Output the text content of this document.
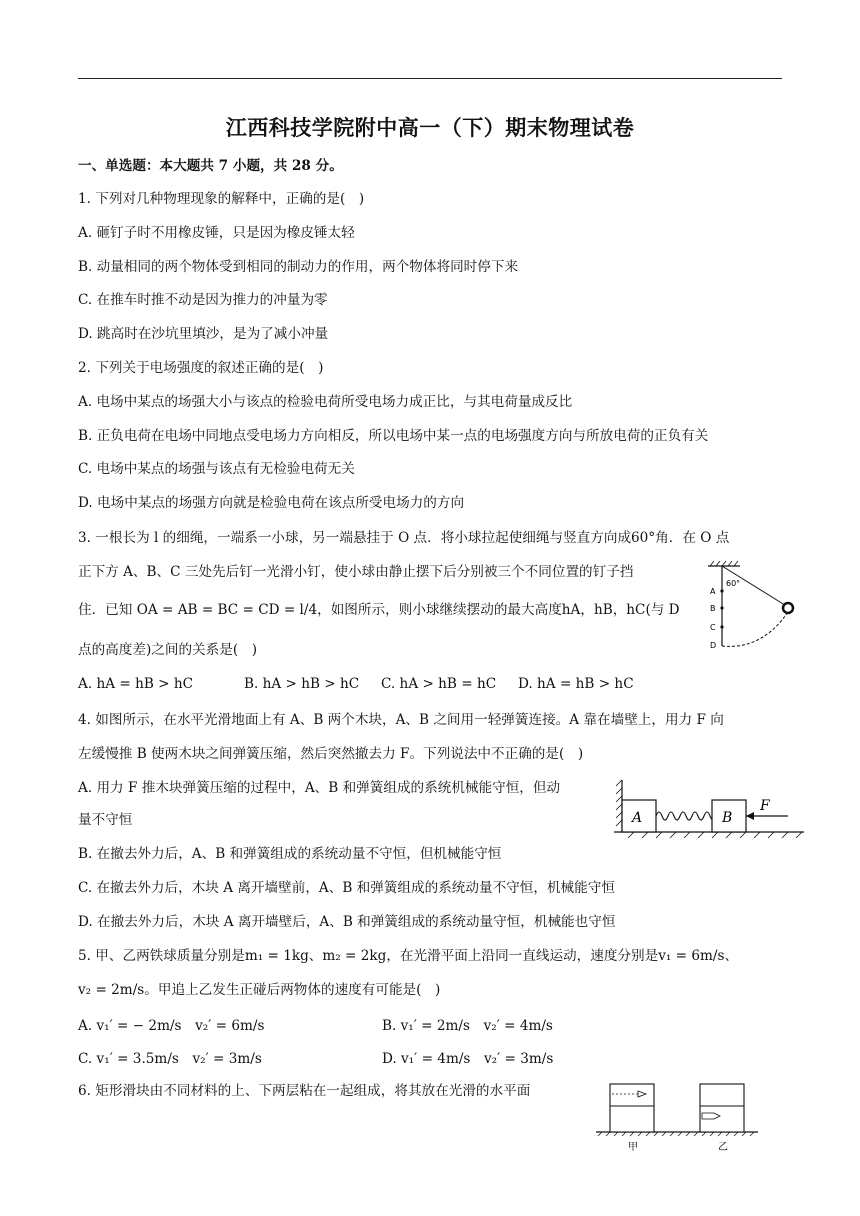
江西科技学院附中高一（下）期末物理试卷
一、单选题：本大题共 7 小题，共 28 分。
1. 下列对几种物理现象的解释中，正确的是(　)
A. 砸钉子时不用橡皮锤，只是因为橡皮锤太轻
B. 动量相同的两个物体受到相同的制动力的作用，两个物体将同时停下来
C. 在推车时推不动是因为推力的冲量为零
D. 跳高时在沙坑里填沙，是为了减小冲量
2. 下列关于电场强度的叙述正确的是(　)
A. 电场中某点的场强大小与该点的检验电荷所受电场力成正比，与其电荷量成反比
B. 正负电荷在电场中同地点受电场力方向相反，所以电场中某一点的电场强度方向与所放电荷的正负有关
C. 电场中某点的场强与该点有无检验电荷无关
D. 电场中某点的场强方向就是检验电荷在该点所受电场力的方向
3. 一根长为 l 的细绳，一端系一小球，另一端悬挂于 O 点．将小球拉起使细绳与竖直方向成60°角．在 O 点
正下方 A、B、C 三处先后钉一光滑小钉，使小球由静止摆下后分别被三个不同位置的钉子挡
住．已知 OA = AB = BC = CD = l/4，如图所示，则小球继续摆动的最大高度hA，hB，hC(与 D
点的高度差)之间的关系是(　)
A. hA = hB > hC	B. hA > hB > hC C. hA > hB = hC D. hA = hB > hC
60°
A
B
C
D
4. 如图所示，在水平光滑地面上有 A、B 两个木块，A、B 之间用一轻弹簧连接。A 靠在墙壁上，用力 F 向
左缓慢推 B 使两木块之间弹簧压缩，然后突然撤去力 F。下列说法中不正确的是(　)
A. 用力 F 推木块弹簧压缩的过程中，A、B 和弹簧组成的系统机械能守恒，但动
量不守恒
B. 在撤去外力后，A、B 和弹簧组成的系统动量不守恒，但机械能守恒
C. 在撤去外力后，木块 A 离开墙壁前，A、B 和弹簧组成的系统动量不守恒，机械能守恒
D. 在撤去外力后，木块 A 离开墙壁后，A、B 和弹簧组成的系统动量守恒，机械能也守恒
A	B
F
5. 甲、乙两铁球质量分别是m₁ = 1kg、m₂ = 2kg，在光滑平面上沿同一直线运动，速度分别是v₁ = 6m/s、
v₂ = 2m/s。甲追上乙发生正碰后两物体的速度有可能是(　)
A. v₁′ = − 2m/s　v₂′ = 6m/s	B. v₁′ = 2m/s　v₂′ = 4m/s
C. v₁′ = 3.5m/s　v₂′ = 3m/s	D. v₁′ = 4m/s　v₂′ = 3m/s
6. 矩形滑块由不同材料的上、下两层粘在一起组成，将其放在光滑的水平面
甲	乙
